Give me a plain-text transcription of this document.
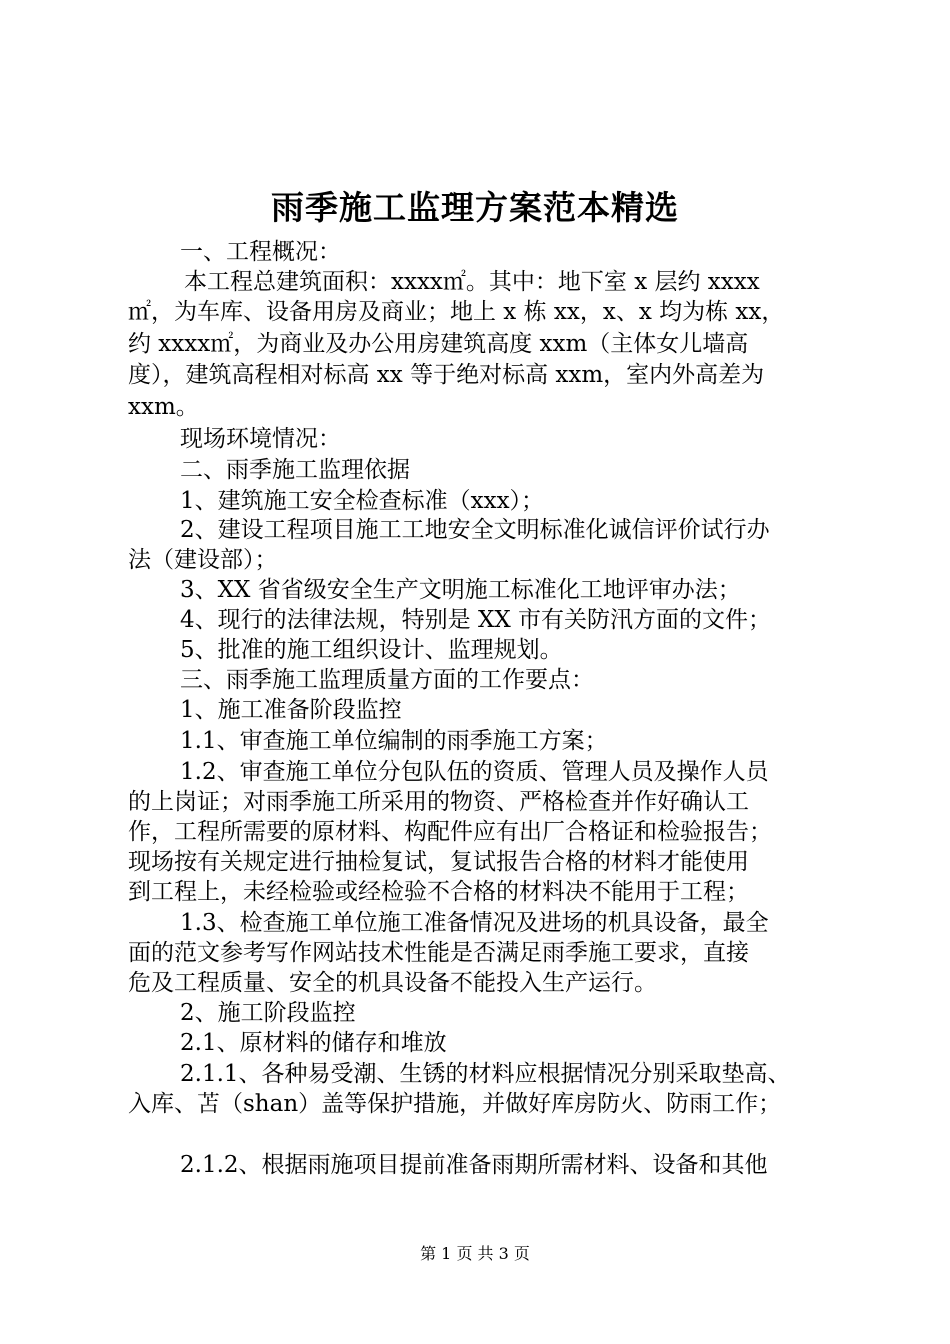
雨季施工监理方案范本精选
一、工程概况：
本工程总建筑面积：xxxx㎡。其中：地下室 x 层约 xxxx
㎡，为车库、设备用房及商业；地上 x 栋 xx，x、x 均为栋 xx，
约 xxxx㎡，为商业及办公用房建筑高度 xxm（主体女儿墙高
度），建筑高程相对标高 xx 等于绝对标高 xxm，室内外高差为
xxm。
现场环境情况：
二、雨季施工监理依据
1、建筑施工安全检查标准（xxx）；
2、建设工程项目施工工地安全文明标准化诚信评价试行办
法（建设部）；
3、XX 省省级安全生产文明施工标准化工地评审办法；
4、现行的法律法规，特别是 XX 市有关防汛方面的文件；
5、批准的施工组织设计、监理规划。
三、雨季施工监理质量方面的工作要点：
1、施工准备阶段监控
1.1、审查施工单位编制的雨季施工方案；
1.2、审查施工单位分包队伍的资质、管理人员及操作人员
的上岗证；对雨季施工所采用的物资、严格检查并作好确认工
作，工程所需要的原材料、构配件应有出厂合格证和检验报告；
现场按有关规定进行抽检复试，复试报告合格的材料才能使用
到工程上，未经检验或经检验不合格的材料决不能用于工程；
1.3、检查施工单位施工准备情况及进场的机具设备，最全
面的范文参考写作网站技术性能是否满足雨季施工要求，直接
危及工程质量、安全的机具设备不能投入生产运行。
2、施工阶段监控
2.1、原材料的储存和堆放
2.1.1、各种易受潮、生锈的材料应根据情况分别采取垫高、
入库、苫（shan）盖等保护措施，并做好库房防火、防雨工作；
2.1.2、根据雨施项目提前准备雨期所需材料、设备和其他
第 1 页 共 3 页
